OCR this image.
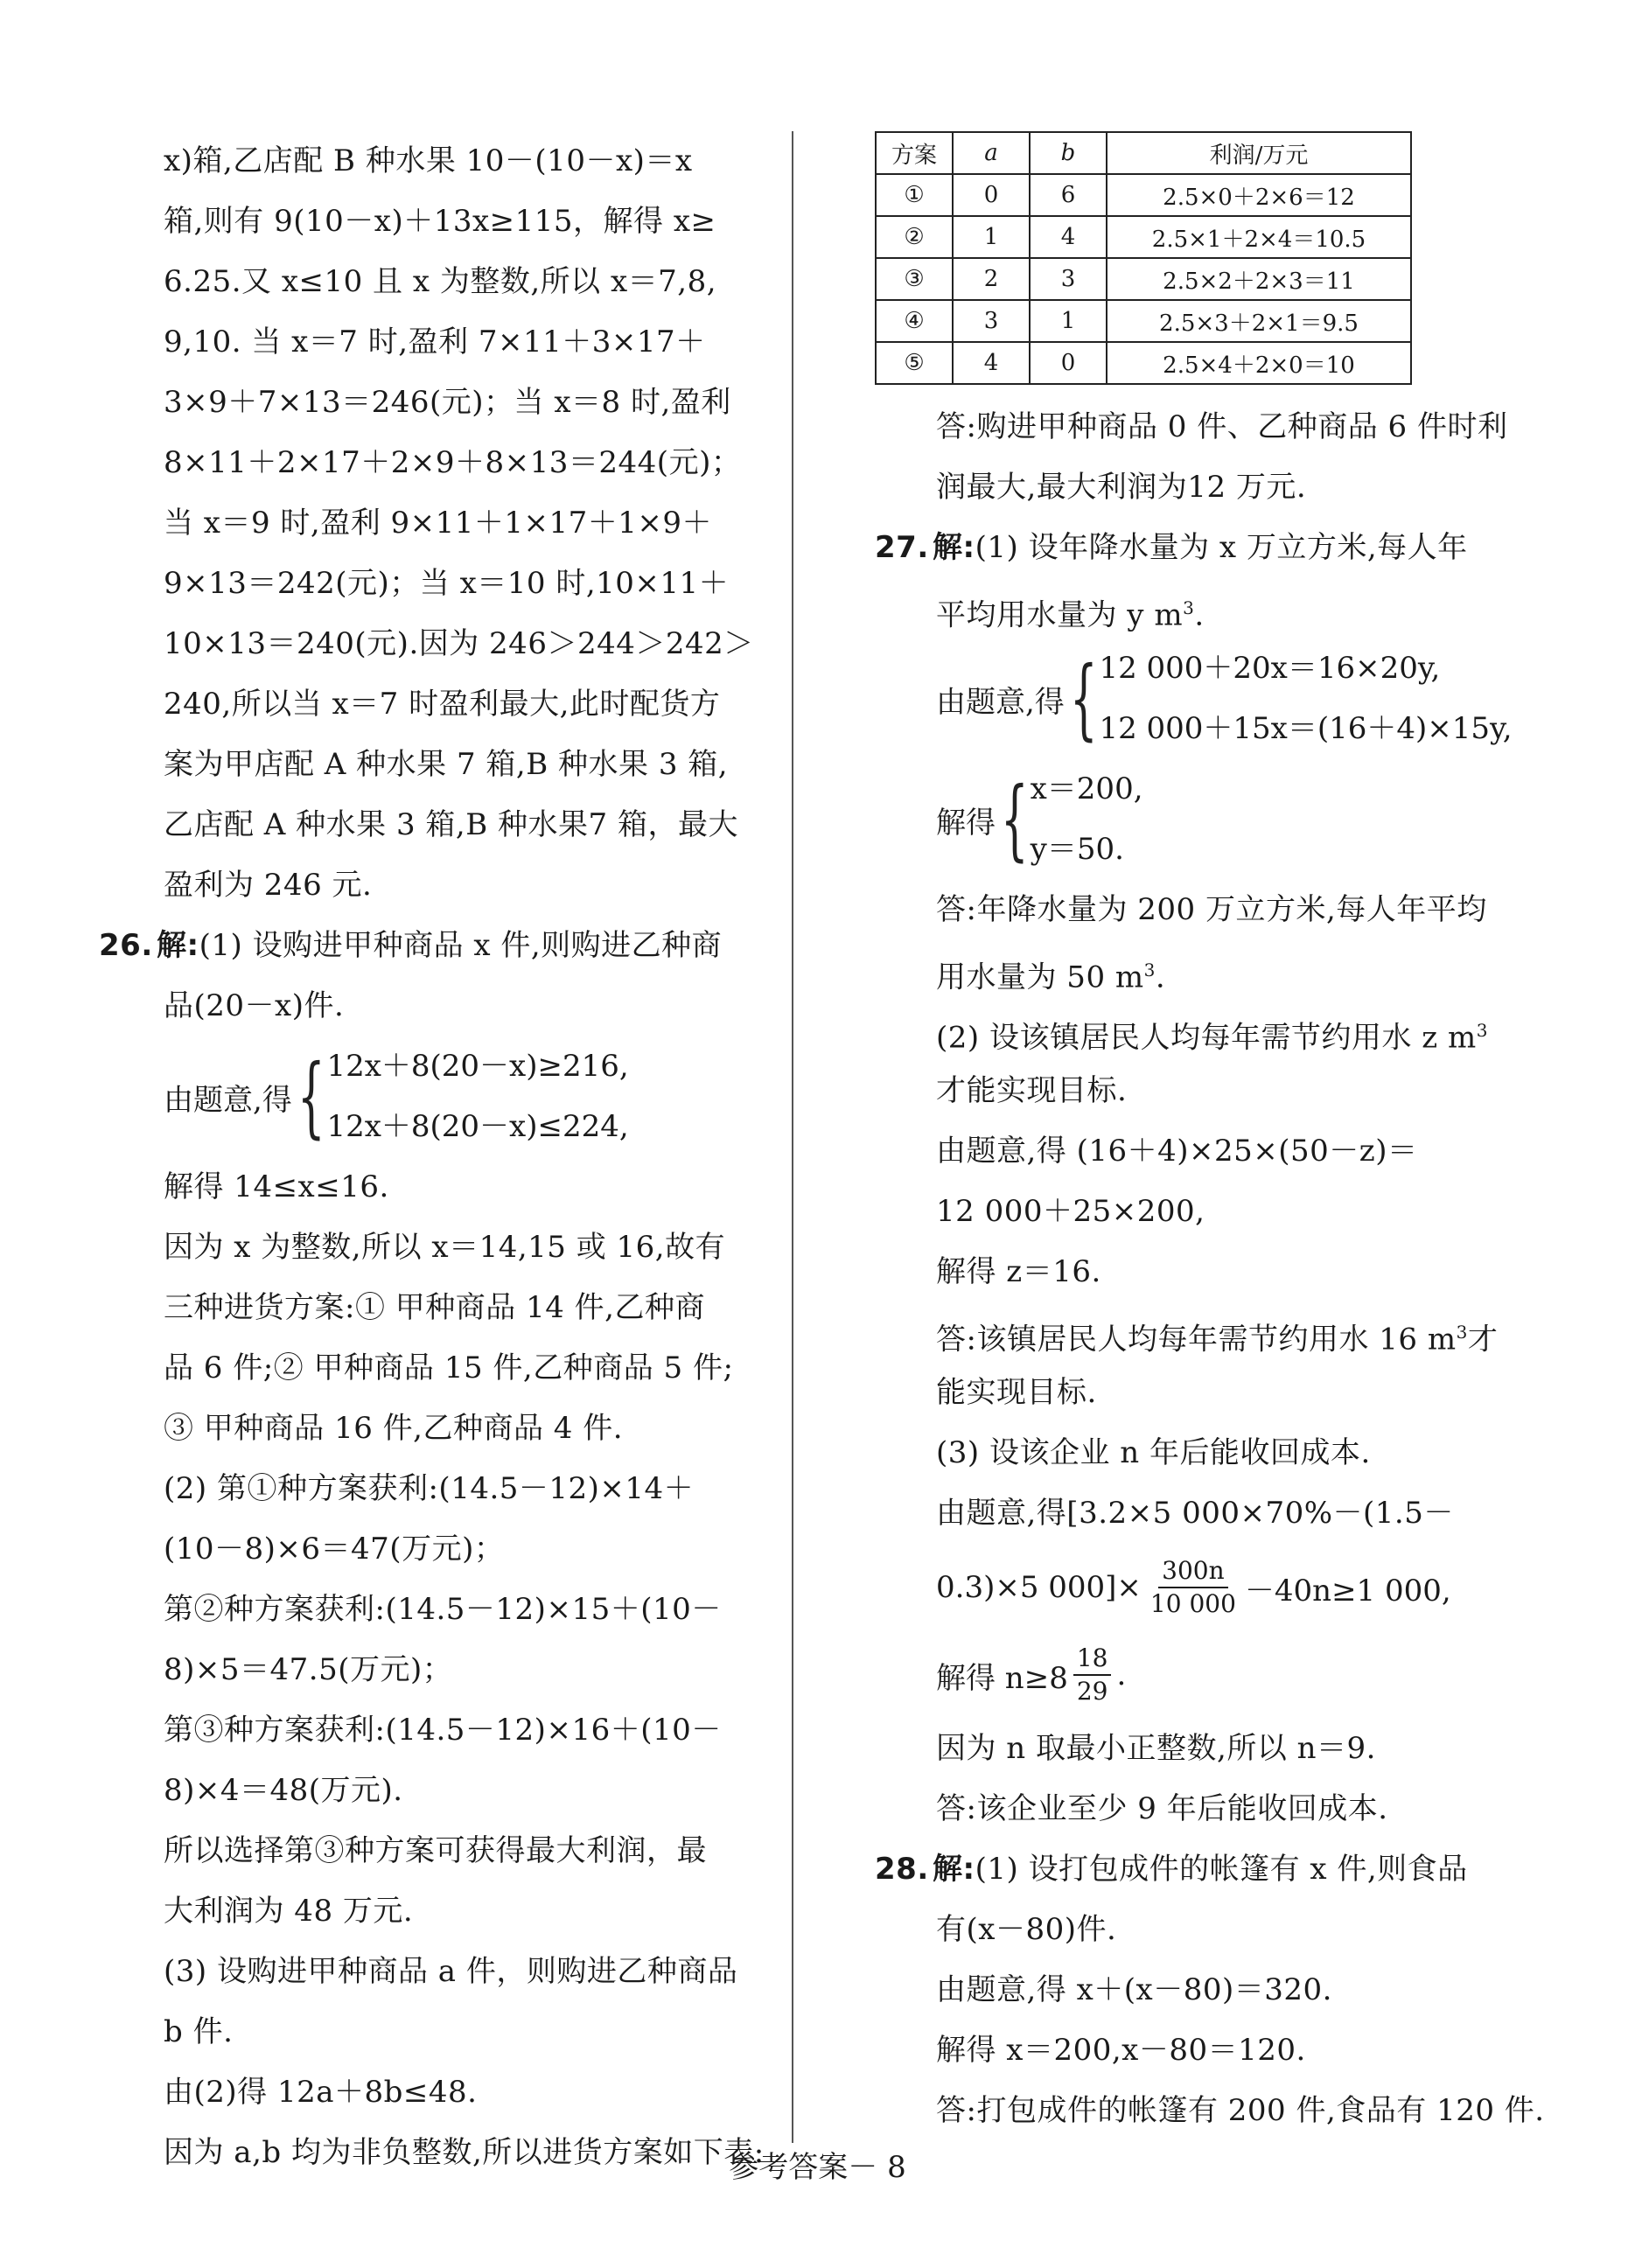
x)箱,乙店配 B 种水果 10－(10－x)＝x
箱,则有 9(10－x)＋13x≥115，解得 x≥
6.25.又 x≤10 且 x 为整数,所以 x＝7,8,
9,10. 当 x＝7 时,盈利 7×11＋3×17＋
3×9＋7×13＝246(元)；当 x＝8 时,盈利
8×11＋2×17＋2×9＋8×13＝244(元)；
当 x＝9 时,盈利 9×11＋1×17＋1×9＋
9×13＝242(元)；当 x＝10 时,10×11＋
10×13＝240(元).因为 246＞244＞242＞
240,所以当 x＝7 时盈利最大,此时配货方
案为甲店配 A 种水果 7 箱,B 种水果 3 箱,
乙店配 A 种水果 3 箱,B 种水果7 箱，最大
盈利为 246 元.
26. 解:(1) 设购进甲种商品 x 件,则购进乙种商
品(20－x)件.
由题意,得 { 12x＋8(20－x)≥216,
12x＋8(20－x)≤224,
解得 14≤x≤16.
因为 x 为整数,所以 x＝14,15 或 16,故有
三种进货方案:① 甲种商品 14 件,乙种商
品 6 件;② 甲种商品 15 件,乙种商品 5 件;
③ 甲种商品 16 件,乙种商品 4 件.
(2) 第①种方案获利:(14.5－12)×14＋
(10－8)×6＝47(万元)；
第②种方案获利:(14.5－12)×15＋(10－
8)×5＝47.5(万元)；
第③种方案获利:(14.5－12)×16＋(10－
8)×4＝48(万元).
所以选择第③种方案可获得最大利润，最
大利润为 48 万元.
(3) 设购进甲种商品 a 件，则购进乙种商品
b 件.
由(2)得 12a＋8b≤48.
因为 a,b 均为非负整数,所以进货方案如下表:
方案	a	b	利润/万元
①	0	6	2.5×0＋2×6＝12
②	1	4	2.5×1＋2×4＝10.5
③	2	3	2.5×2＋2×3＝11
④	3	1	2.5×3＋2×1＝9.5
⑤	4	0	2.5×4＋2×0＝10
答:购进甲种商品 0 件、乙种商品 6 件时利
润最大,最大利润为12 万元.
27. 解:(1) 设年降水量为 x 万立方米,每人年
平均用水量为 y $m^3$.
由题意,得 { 12 000＋20x＝16×20y,
12 000＋15x＝(16＋4)×15y,
解得 { x＝200,
y＝50.
答:年降水量为 200 万立方米,每人年平均
用水量为 50 $m^3$.
(2) 设该镇居民人均每年需节约用水 z $m^3$
才能实现目标.
由题意,得 (16＋4)×25×(50－z)＝
12 000＋25×200,
解得 z＝16.
答:该镇居民人均每年需节约用水 16 $m^3$才
能实现目标.
(3) 设该企业 n 年后能收回成本.
由题意,得[3.2×5 000×70%－(1.5－
0.3)×5 $000]\times \frac{300n}{10 000} -40n\ge 1$ 000,
解得 $n\ge 8 \frac{18}{29}$ .
因为 n 取最小正整数,所以 n＝9.
答:该企业至少 9 年后能收回成本.
28. 解:(1) 设打包成件的帐篷有 x 件,则食品
有(x－80)件.
由题意,得 x＋(x－80)＝320.
解得 x＝200,x－80＝120.
答:打包成件的帐篷有 200 件,食品有 120 件.
参考答案－ 8
